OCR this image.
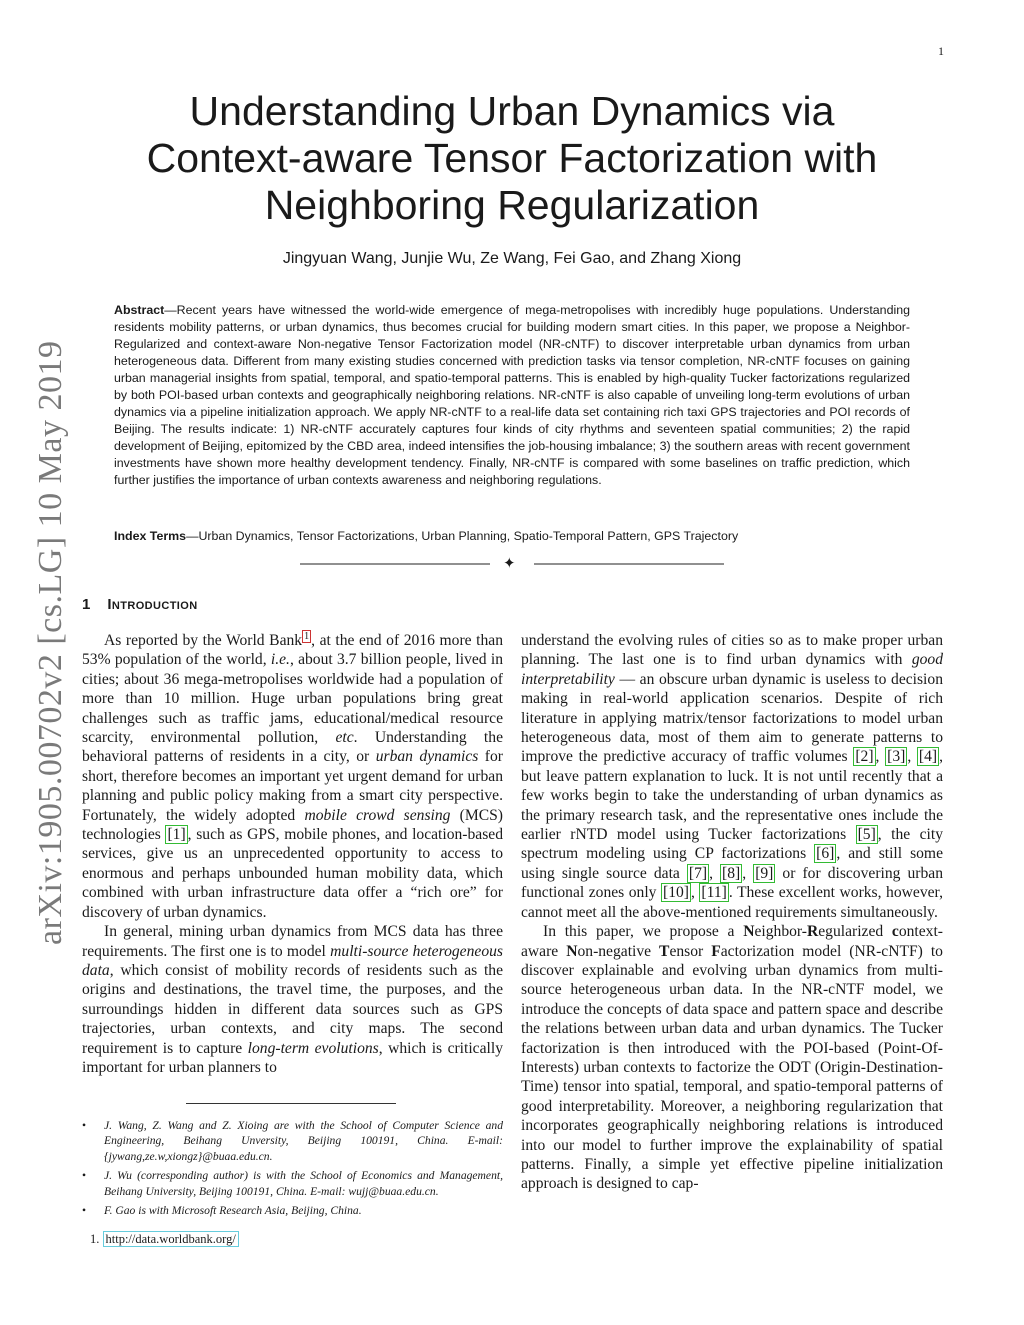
1
arXiv:1905.00702v2 [cs.LG] 10 May 2019
Understanding Urban Dynamics via
Context-aware Tensor Factorization with
Neighboring Regularization
Jingyuan Wang, Junjie Wu, Ze Wang, Fei Gao, and Zhang Xiong
Abstract—Recent years have witnessed the world-wide emergence of mega-metropolises with incredibly huge populations. Understanding residents mobility patterns, or urban dynamics, thus becomes crucial for building modern smart cities. In this paper, we propose a Neighbor-Regularized and context-aware Non-negative Tensor Factorization model (NR-cNTF) to discover interpretable urban dynamics from urban heterogeneous data. Different from many existing studies concerned with prediction tasks via tensor completion, NR-cNTF focuses on gaining urban managerial insights from spatial, temporal, and spatio-temporal patterns. This is enabled by high-quality Tucker factorizations regularized by both POI-based urban contexts and geographically neighboring relations. NR-cNTF is also capable of unveiling long-term evolutions of urban dynamics via a pipeline initialization approach. We apply NR-cNTF to a real-life data set containing rich taxi GPS trajectories and POI records of Beijing. The results indicate: 1) NR-cNTF accurately captures four kinds of city rhythms and seventeen spatial communities; 2) the rapid development of Beijing, epitomized by the CBD area, indeed intensifies the job-housing imbalance; 3) the southern areas with recent government investments have shown more healthy development tendency. Finally, NR-cNTF is compared with some baselines on traffic prediction, which further justifies the importance of urban contexts awareness and neighboring regulations.
Index Terms—Urban Dynamics, Tensor Factorizations, Urban Planning, Spatio-Temporal Pattern, GPS Trajectory
✦
1 Introduction

As reported by the World Bank $^1$ , at the end of 2016 more than 53% population of the world, i.e., about 3.7 billion people, lived in cities; about 36 mega-metropolises worldwide had a population of more than 10 million. Huge urban populations bring great challenges such as traffic jams, educational/medical resource scarcity, environmental pollution, etc. Understanding the behavioral patterns of residents in a city, or urban dynamics for short, therefore becomes an important yet urgent demand for urban planning and public policy making from a smart city perspective. Fortunately, the widely adopted mobile crowd sensing (MCS) technologies [1] , such as GPS, mobile phones, and location-based services, give us an unprecedented opportunity to access to enormous and perhaps unbounded human mobility data, which combined with urban infrastructure data offer a “rich ore” for discovery of urban dynamics.

In general, mining urban dynamics from MCS data has three requirements. The first one is to model multi-source heterogeneous data, which consist of mobility records of residents such as the origins and destinations, the travel time, the purposes, and the surroundings hidden in different data sources such as GPS trajectories, urban contexts, and city maps. The second requirement is to capture long-term evolutions, which is critically important for urban planners to

understand the evolving rules of cities so as to make proper urban planning. The last one is to find urban dynamics with good interpretability — an obscure urban dynamic is useless to decision making in real-world application scenarios. Despite of rich literature in applying matrix/tensor factorizations to model urban heterogeneous data, most of them aim to generate patterns to improve the predictive accuracy of traffic volumes [2] , [3] , [4] , but leave pattern explanation to luck. It is not until recently that a few works begin to take the understanding of urban dynamics as the primary research task, and the representative ones include the earlier rNTD model using Tucker factorizations [5] , the city spectrum modeling using CP factorizations [6] , and still some using single source data [7] , [8] , [9] or for discovering urban functional zones only [10] , [11] . These excellent works, however, cannot meet all the above-mentioned requirements simultaneously.

In this paper, we propose a Neighbor-Regularized context-aware Non-negative Tensor Factorization model (NR-cNTF) to discover explainable and evolving urban dynamics from multi-source heterogeneous urban data. In the NR-cNTF model, we introduce the concepts of data space and pattern space and describe the relations between urban data and urban dynamics. The Tucker factorization is then introduced with the POI-based (Point-Of-Interests) urban contexts to factorize the ODT (Origin-Destination-Time) tensor into spatial, temporal, and spatio-temporal patterns of good interpretability. Moreover, a neighboring regularization that incorporates geographically neighboring relations is introduced into our model to further improve the explainability of spatial patterns. Finally, a simple yet effective pipeline initialization approach is designed to cap-

• J. Wang, Z. Wang and Z. Xioing are with the School of Computer Science and Engineering, Beihang Unversity, Beijing 100191, China. E-mail: {jywang,ze.w,xiongz}@buaa.edu.cn.
• J. Wu (corresponding author) is with the School of Economics and Management, Beihang University, Beijing 100191, China. E-mail: wujj@buaa.edu.cn.
• F. Gao is with Microsoft Research Asia, Beijing, China.
1. http://data.worldbank.org/
